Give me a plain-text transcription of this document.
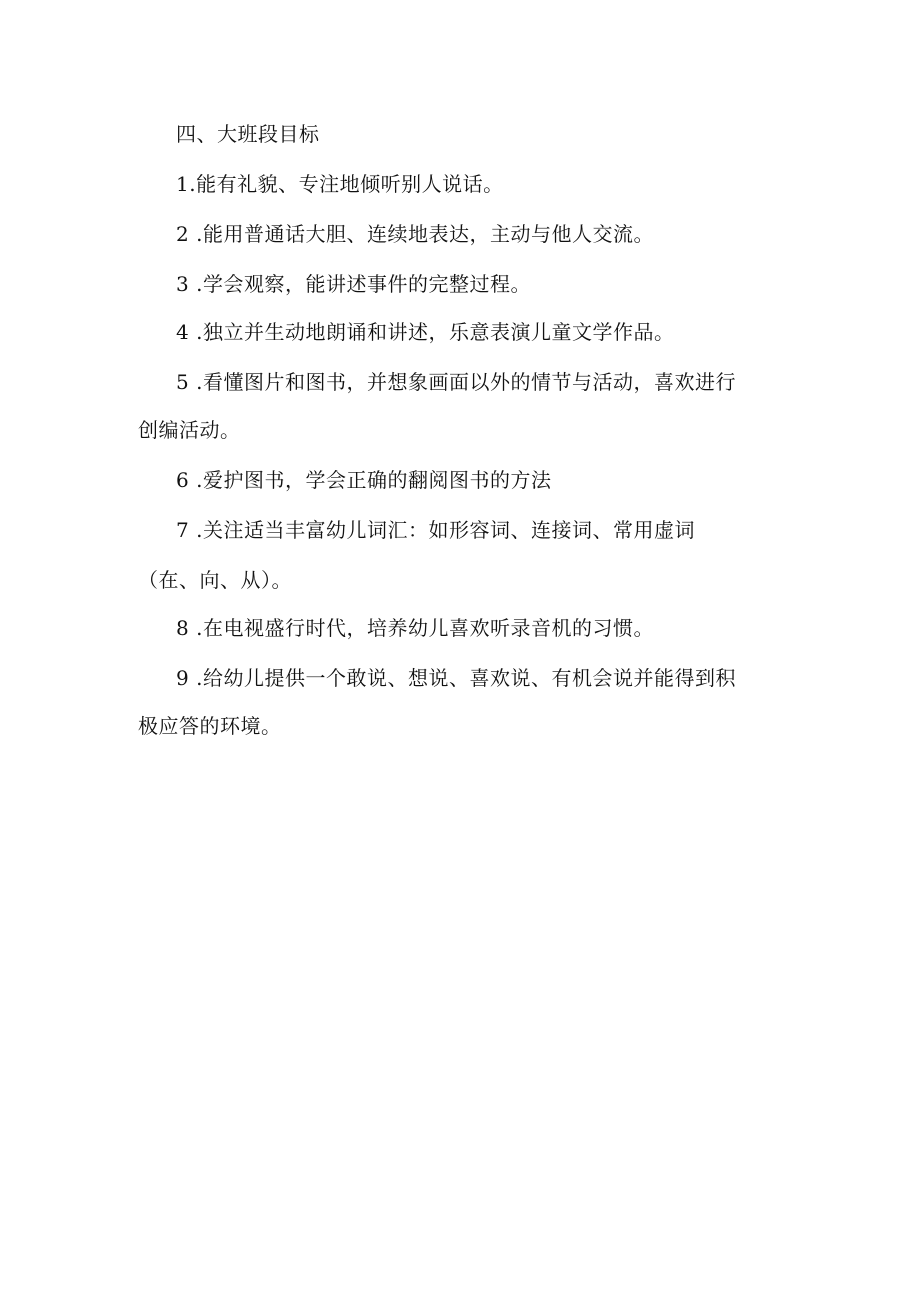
四、大班段目标
1.能有礼貌、专注地倾听别人说话。
2 .能用普通话大胆、连续地表达，主动与他人交流。
3 .学会观察，能讲述事件的完整过程。
4 .独立并生动地朗诵和讲述，乐意表演儿童文学作品。
5 .看懂图片和图书，并想象画面以外的情节与活动，喜欢进行
创编活动。
6 .爱护图书，学会正确的翻阅图书的方法
7 .关注适当丰富幼儿词汇：如形容词、连接词、常用虚词
（在、向、从）。
8 .在电视盛行时代，培养幼儿喜欢听录音机的习惯。
9 .给幼儿提供一个敢说、想说、喜欢说、有机会说并能得到积
极应答的环境。
